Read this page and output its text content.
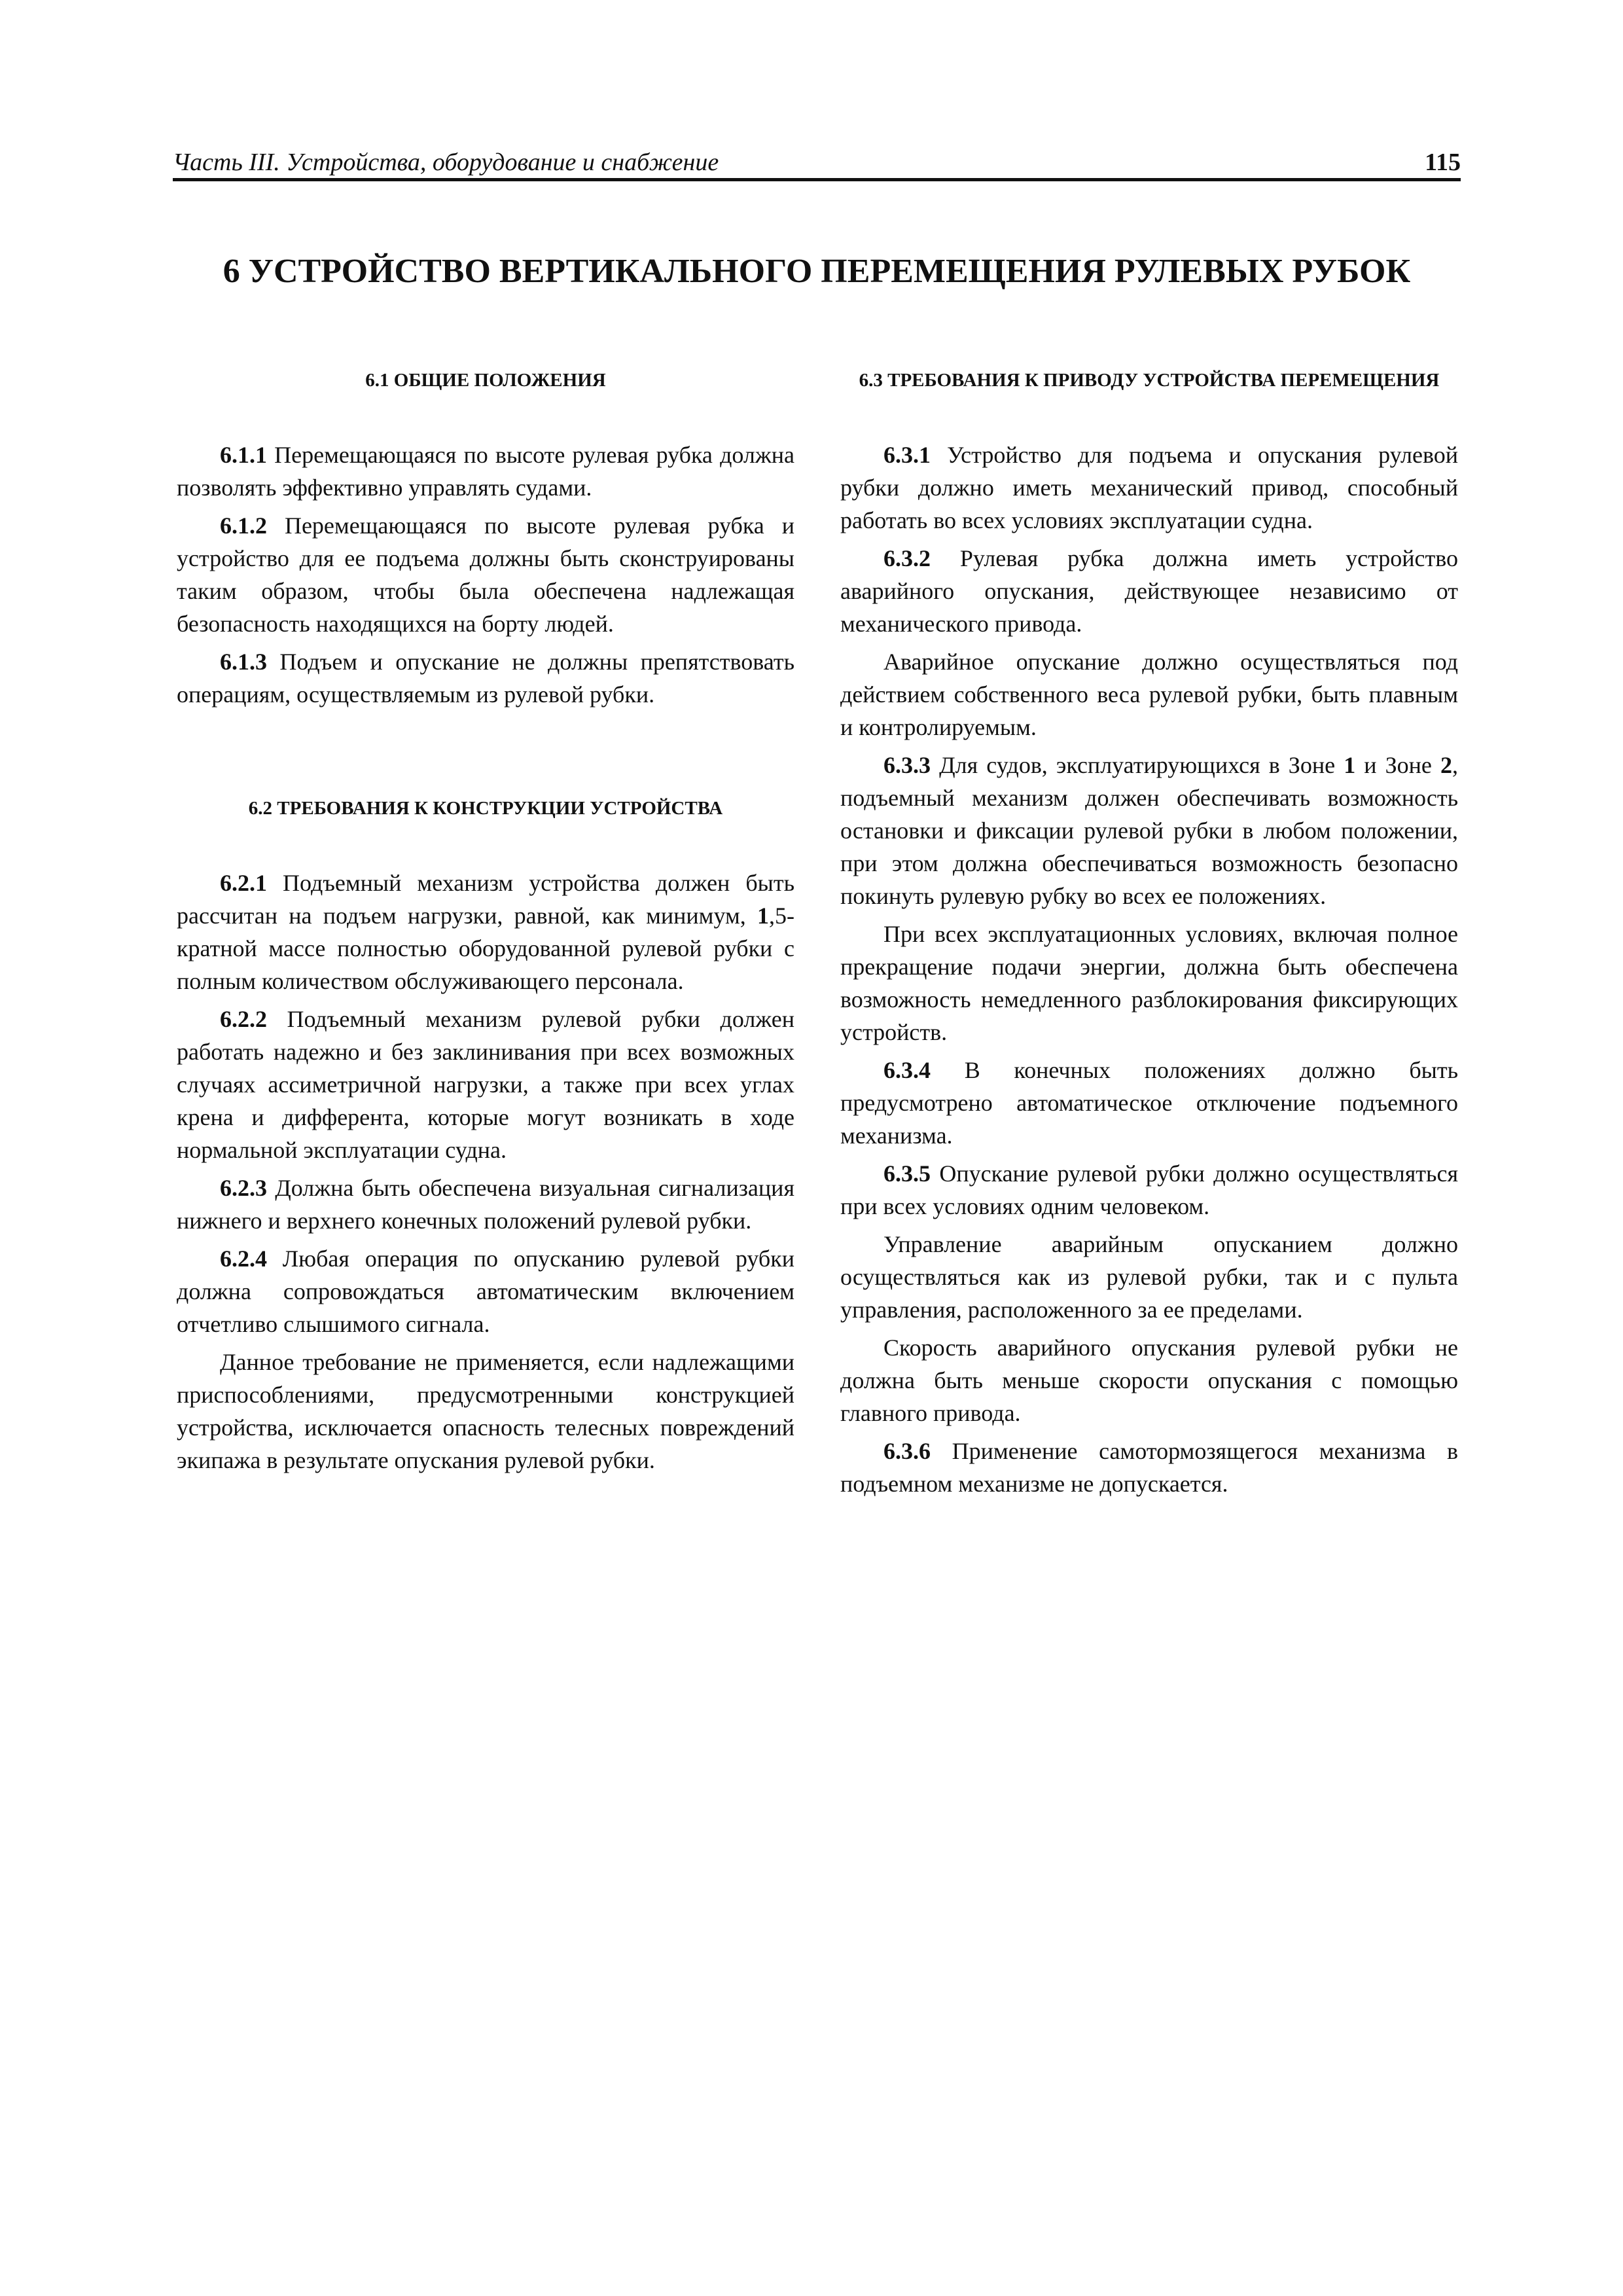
Часть III. Устройства, оборудование и снабжение	115
6 УСТРОЙСТВО ВЕРТИКАЛЬНОГО ПЕРЕМЕЩЕНИЯ РУЛЕВЫХ РУБОК
6.1 ОБЩИЕ ПОЛОЖЕНИЯ

6.1.1 Перемещающаяся по высоте рулевая рубка должна позволять эффективно управлять судами.

6.1.2 Перемещающаяся по высоте рулевая рубка и устройство для ее подъема должны быть сконструированы таким образом, чтобы была обеспечена надлежащая безопасность находящихся на борту людей.

6.1.3 Подъем и опускание не должны препятствовать операциям, осуществляемым из рулевой рубки.

6.2 ТРЕБОВАНИЯ К КОНСТРУКЦИИ УСТРОЙСТВА

6.2.1 Подъемный механизм устройства должен быть рассчитан на подъем нагрузки, равной, как минимум, 1,5-кратной массе полностью оборудованной рулевой рубки с полным количеством обслуживающего персонала.

6.2.2 Подъемный механизм рулевой рубки должен работать надежно и без заклинивания при всех возможных случаях ассиметричной нагрузки, а также при всех углах крена и дифферента, которые могут возникать в ходе нормальной эксплуатации судна.

6.2.3 Должна быть обеспечена визуальная сигнализация нижнего и верхнего конечных положений рулевой рубки.

6.2.4 Любая операция по опусканию рулевой рубки должна сопровождаться автоматическим включением отчетливо слышимого сигнала.

Данное требование не применяется, если надлежащими приспособлениями, предусмотренными конструкцией устройства, исключается опасность телесных повреждений экипажа в результате опускания рулевой рубки.

6.3 ТРЕБОВАНИЯ К ПРИВОДУ УСТРОЙСТВА ПЕРЕМЕЩЕНИЯ

6.3.1 Устройство для подъема и опускания рулевой рубки должно иметь механический привод, способный работать во всех условиях эксплуатации судна.

6.3.2 Рулевая рубка должна иметь устройство аварийного опускания, действующее независимо от механического привода.

Аварийное опускание должно осуществляться под действием собственного веса рулевой рубки, быть плавным и контролируемым.

6.3.3 Для судов, эксплуатирующихся в Зоне 1 и Зоне 2, подъемный механизм должен обеспечивать возможность остановки и фиксации рулевой рубки в любом положении, при этом должна обеспечиваться возможность безопасно покинуть рулевую рубку во всех ее положениях.

При всех эксплуатационных условиях, включая полное прекращение подачи энергии, должна быть обеспечена возможность немедленного разблокирования фиксирующих устройств.

6.3.4 В конечных положениях должно быть предусмотрено автоматическое отключение подъемного механизма.

6.3.5 Опускание рулевой рубки должно осуществляться при всех условиях одним человеком.

Управление аварийным опусканием должно осуществляться как из рулевой рубки, так и с пульта управления, расположенного за ее пределами.

Скорость аварийного опускания рулевой рубки не должна быть меньше скорости опускания с помощью главного привода.

6.3.6 Применение самотормозящегося механизма в подъемном механизме не допускается.
